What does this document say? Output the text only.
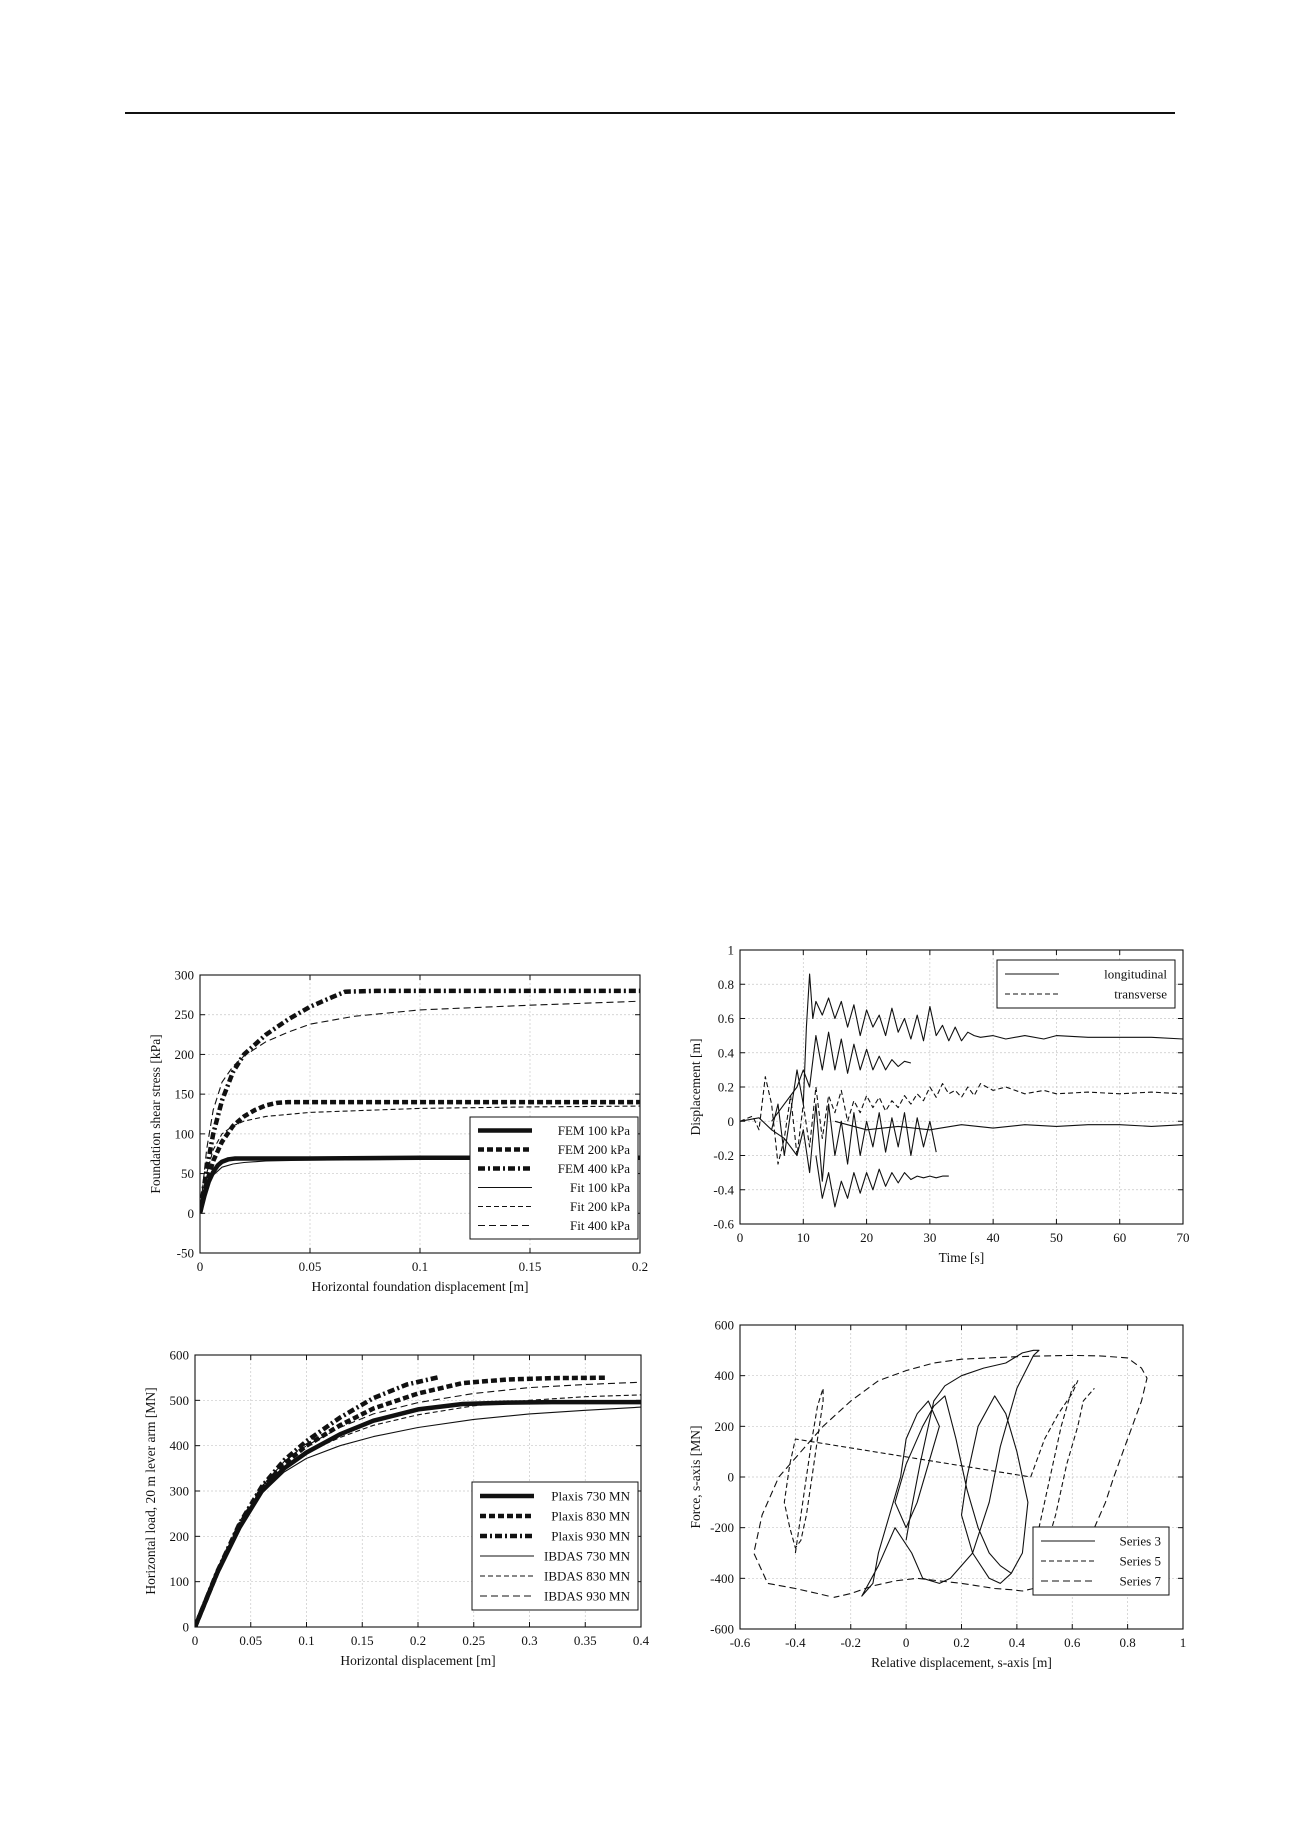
0	0.05	0.1	0.15	0.2
-50
0
50
100
150
200
250
300
Horizontal foundation displacement [m]
Foundation shear stress [kPa]	FEM 100 kPa
FEM 200 kPa
FEM 400 kPa
Fit 100 kPa
Fit 200 kPa
Fit 400 kPa
0	10	20	30	40	50	60	70
-0.6
-0.4
-0.2
0
0.2
0.4
0.6
0.8
1
Time [s]
Displacement [m]
longitudinal
transverse
0	0.05	0.1	0.15	0.2	0.25	0.3	0.35	0.4
0
100
200
300
400
500
600
Horizontal displacement [m]
Horizontal load, 20 m lever arm [MN]	Plaxis 730 MN
Plaxis 830 MN
Plaxis 930 MN
IBDAS 730 MN
IBDAS 830 MN
IBDAS 930 MN
-0.6	-0.4	-0.2	0	0.2	0.4	0.6	0.8	1
-600
-400
-200
0
200
400
600
Relative displacement, s-axis [m]
Force, s-axis [MN]
Series 3
Series 5
Series 7
